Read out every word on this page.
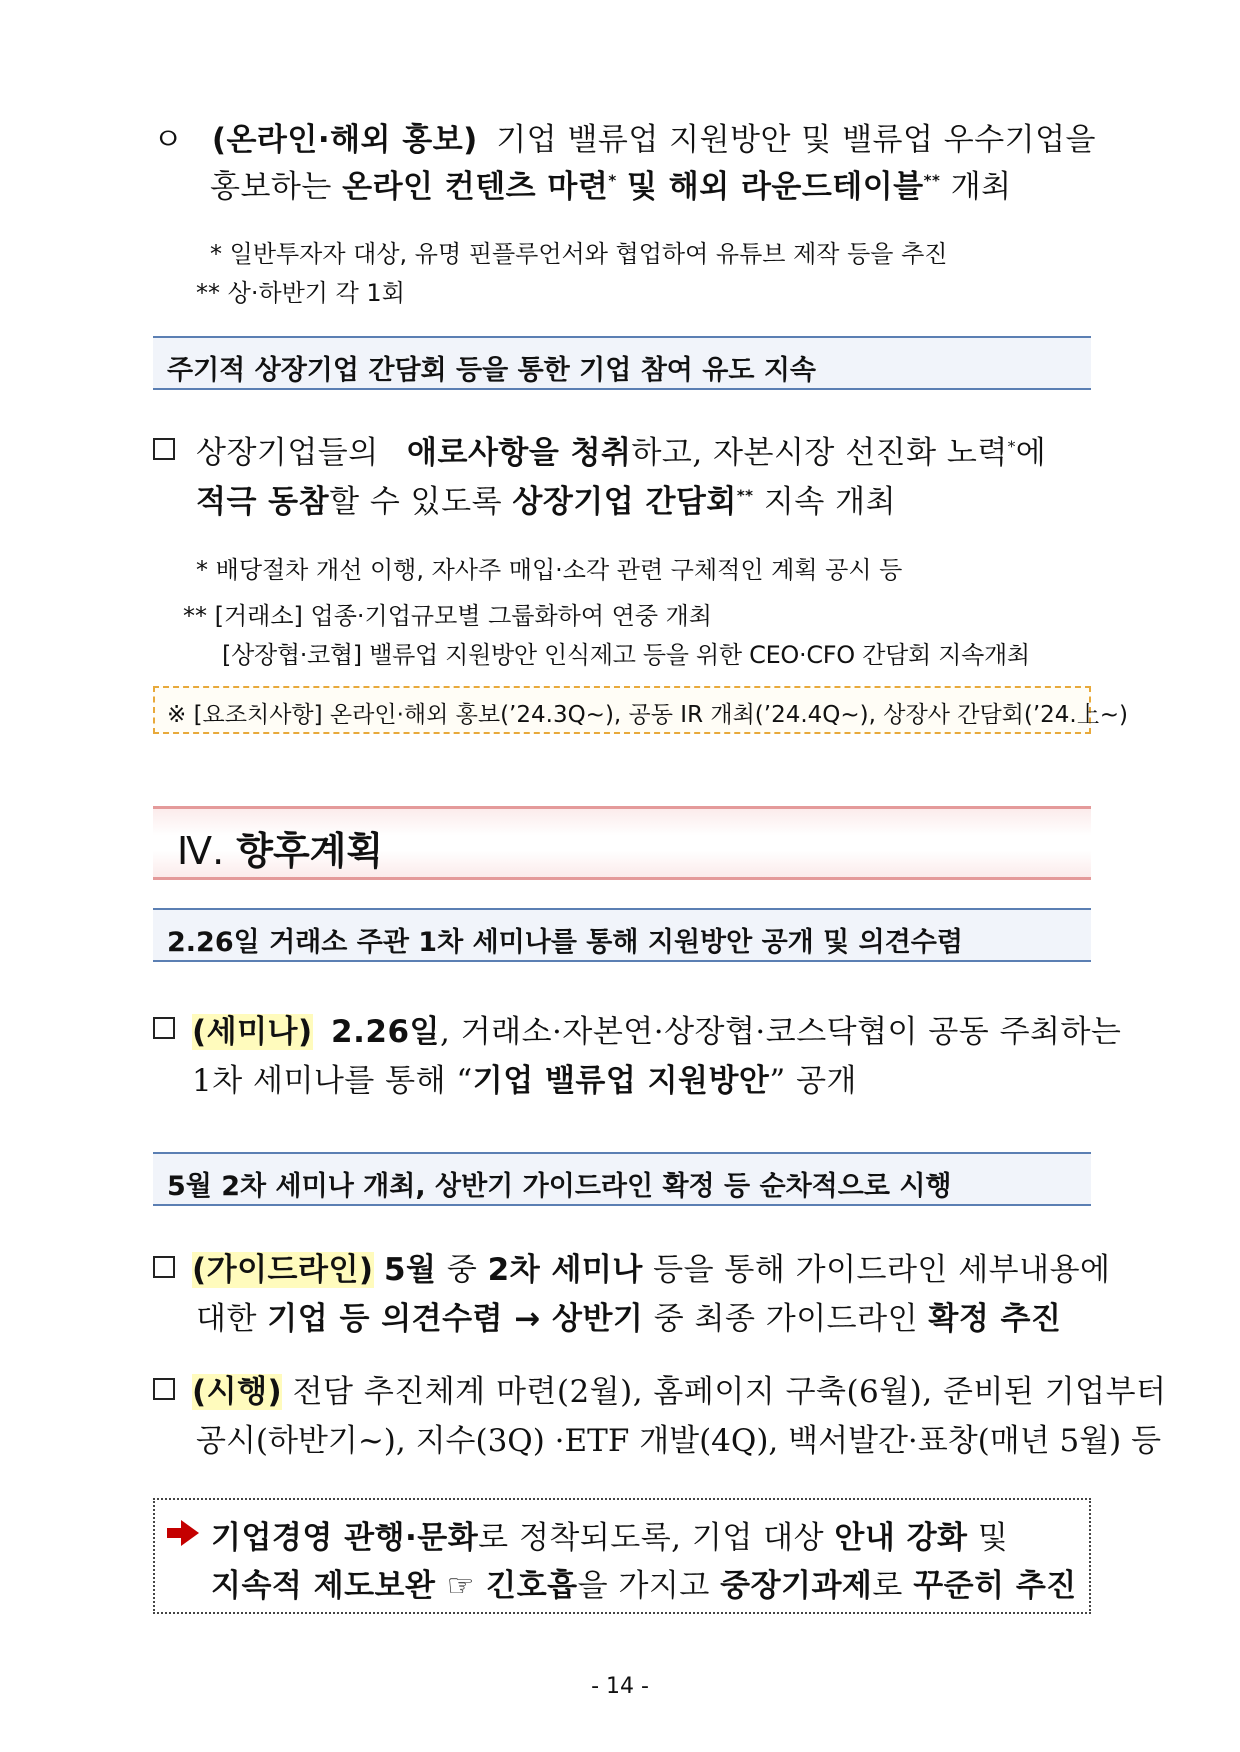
ㅇ (온라인·해외 홍보) 기업 밸류업 지원방안 및 밸류업 우수기업을
홍보하는 온라인 컨텐츠 마련* 및 해외 라운드테이블** 개최
* 일반투자자 대상, 유명 핀플루언서와 협업하여 유튜브 제작 등을 추진
** 상·하반기 각 1회
주기적 상장기업 간담회 등을 통한 기업 참여 유도 지속
상장기업들의 애로사항을 청취하고, 자본시장 선진화 노력*에
적극 동참할 수 있도록 상장기업 간담회** 지속 개최
* 배당절차 개선 이행, 자사주 매입·소각 관련 구체적인 계획 공시 등
** [거래소] 업종·기업규모별 그룹화하여 연중 개최
[상장협·코협] 밸류업 지원방안 인식제고 등을 위한 CEO·CFO 간담회 지속개최
※ [요조치사항] 온라인·해외 홍보(’24.3Q~), 공동 IR 개최(’24.4Q~), 상장사 간담회(’24.上~)
Ⅳ. 향후계획
2.26일 거래소 주관 1차 세미나를 통해 지원방안 공개 및 의견수렴
(세미나) 2.26일, 거래소·자본연·상장협·코스닥협이 공동 주최하는
1차 세미나를 통해 “기업 밸류업 지원방안” 공개
5월 2차 세미나 개최, 상반기 가이드라인 확정 등 순차적으로 시행
(가이드라인) 5월 중 2차 세미나 등을 통해 가이드라인 세부내용에
대한 기업 등 의견수렴 → 상반기 중 최종 가이드라인 확정 추진
(시행) 전담 추진체계 마련(2월), 홈페이지 구축(6월), 준비된 기업부터
공시(하반기~), 지수(3Q) ·ETF 개발(4Q), 백서발간·표창(매년 5월) 등
기업경영 관행·문화로 정착되도록, 기업 대상 안내 강화 및
지속적 제도보완 ☞ 긴호흡을 가지고 중장기과제로 꾸준히 추진
- 14 -
